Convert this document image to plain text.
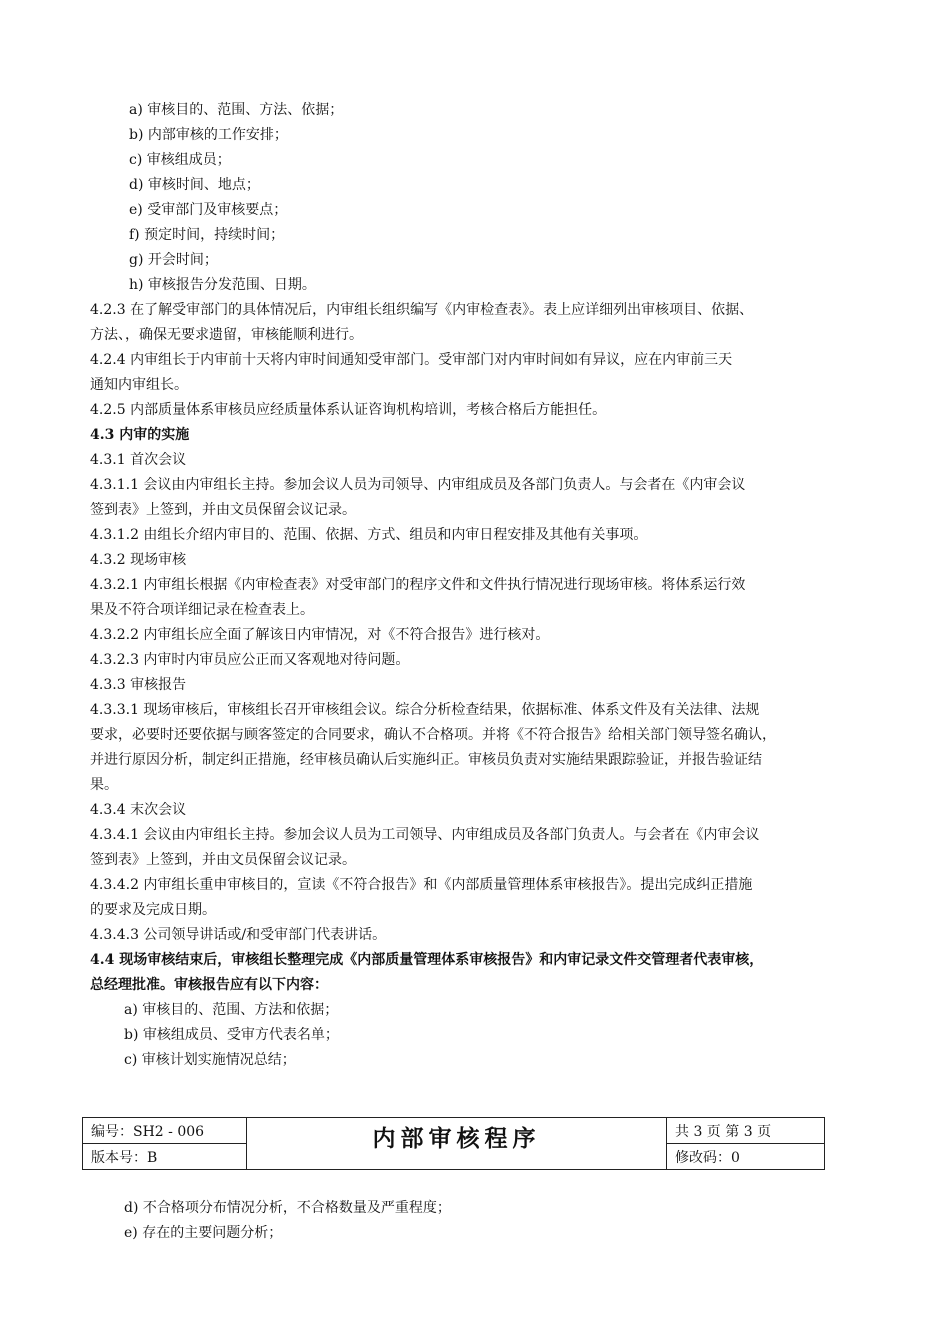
a) 审核目的、范围、方法、依据；
b) 内部审核的工作安排；
c) 审核组成员；
d) 审核时间、地点；
e) 受审部门及审核要点；
f) 预定时间，持续时间；
g) 开会时间；
h) 审核报告分发范围、日期。
4.2.3 在了解受审部门的具体情况后，内审组长组织编写《内审检查表》。表上应详细列出审核项目、依据、
方法、，确保无要求遗留，审核能顺利进行。
4.2.4 内审组长于内审前十天将内审时间通知受审部门。受审部门对内审时间如有异议，应在内审前三天
通知内审组长。
4.2.5 内部质量体系审核员应经质量体系认证咨询机构培训，考核合格后方能担任。
4.3 内审的实施
4.3.1 首次会议
4.3.1.1 会议由内审组长主持。参加会议人员为司领导、内审组成员及各部门负责人。与会者在《内审会议
签到表》上签到，并由文员保留会议记录。
4.3.1.2 由组长介绍内审目的、范围、依据、方式、组员和内审日程安排及其他有关事项。
4.3.2 现场审核
4.3.2.1 内审组长根据《内审检查表》对受审部门的程序文件和文件执行情况进行现场审核。将体系运行效
果及不符合项详细记录在检查表上。
4.3.2.2 内审组长应全面了解该日内审情况，对《不符合报告》进行核对。
4.3.2.3 内审时内审员应公正而又客观地对待问题。
4.3.3 审核报告
4.3.3.1 现场审核后，审核组长召开审核组会议。综合分析检查结果，依据标准、体系文件及有关法律、法规
要求，必要时还要依据与顾客签定的合同要求，确认不合格项。并将《不符合报告》给相关部门领导签名确认，
并进行原因分析，制定纠正措施，经审核员确认后实施纠正。审核员负责对实施结果跟踪验证，并报告验证结
果。
4.3.4 末次会议
4.3.4.1 会议由内审组长主持。参加会议人员为工司领导、内审组成员及各部门负责人。与会者在《内审会议
签到表》上签到，并由文员保留会议记录。
4.3.4.2 内审组长重申审核目的，宣读《不符合报告》和《内部质量管理体系审核报告》。提出完成纠正措施
的要求及完成日期。
4.3.4.3 公司领导讲话或/和受审部门代表讲话。
4.4 现场审核结束后，审核组长整理完成《内部质量管理体系审核报告》和内审记录文件交管理者代表审核，
总经理批准。审核报告应有以下内容：
a) 审核目的、范围、方法和依据；
b) 审核组成员、受审方代表名单；
c) 审核计划实施情况总结；
d) 不合格项分布情况分析，不合格数量及严重程度；
e) 存在的主要问题分析；
编号：SH2 - 006	内部审核程序	共 3 页 第 3 页
版本号：B		修改码：0
